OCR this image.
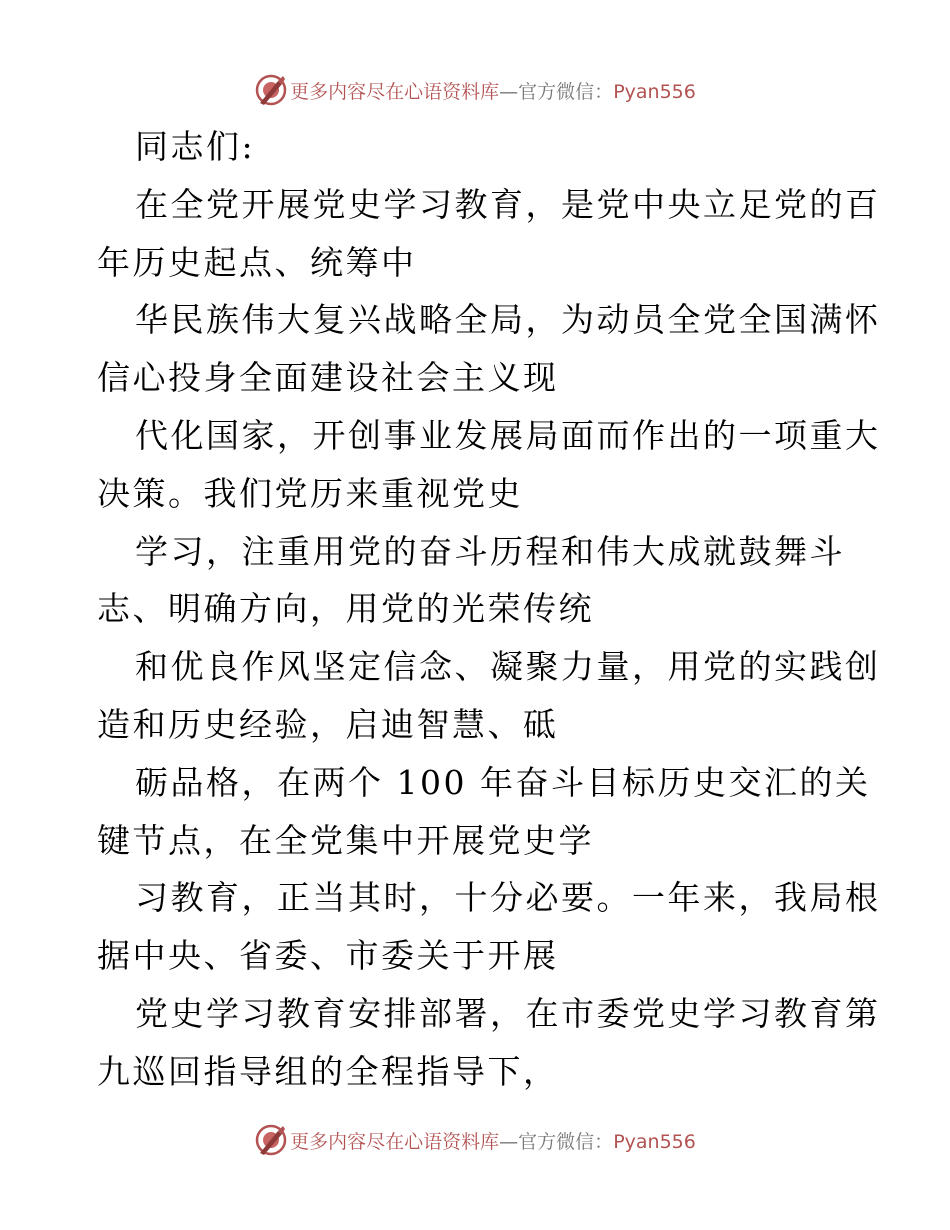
更多内容尽在心语资料库—官方微信：Pyan556
同志们:
在全党开展党史学习教育，是党中央立足党的百
年历史起点、统筹中
华民族伟大复兴战略全局，为动员全党全国满怀
信心投身全面建设社会主义现
代化国家，开创事业发展局面而作出的一项重大
决策。我们党历来重视党史
学习，注重用党的奋斗历程和伟大成就鼓舞斗
志、明确方向，用党的光荣传统
和优良作风坚定信念、凝聚力量，用党的实践创
造和历史经验，启迪智慧、砥
砺品格，在两个 100 年奋斗目标历史交汇的关
键节点，在全党集中开展党史学
习教育，正当其时，十分必要。一年来，我局根
据中央、省委、市委关于开展
党史学习教育安排部署，在市委党史学习教育第
九巡回指导组的全程指导下，
更多内容尽在心语资料库—官方微信：Pyan556
